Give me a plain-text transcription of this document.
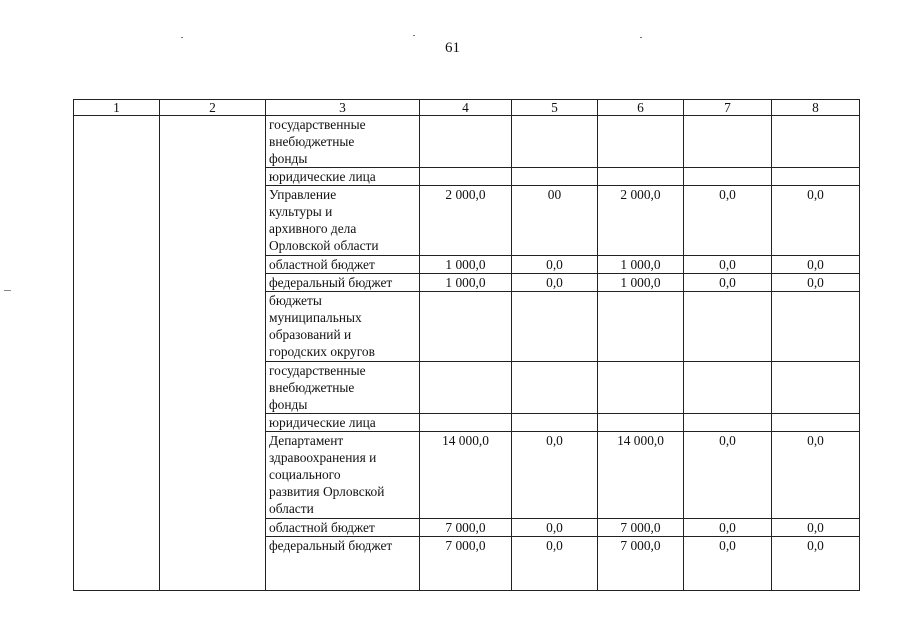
61
1	2	3	4	5	6	7	8
		государственные
внебюджетные
фонды					
		юридические лица					
		Управление
культуры и
архивного дела
Орловской области	2 000,0	00	2 000,0	0,0	0,0
		областной бюджет	1 000,0	0,0	1 000,0	0,0	0,0
		федеральный бюджет	1 000,0	0,0	1 000,0	0,0	0,0
		бюджеты
муниципальных
образований и
городских округов					
		государственные
внебюджетные
фонды					
		юридические лица					
		Департамент
здравоохранения и
социального
развития Орловской
области	14 000,0	0,0	14 000,0	0,0	0,0
		областной бюджет	7 000,0	0,0	7 000,0	0,0	0,0
		федеральный бюджет	7 000,0	0,0	7 000,0	0,0	0,0
